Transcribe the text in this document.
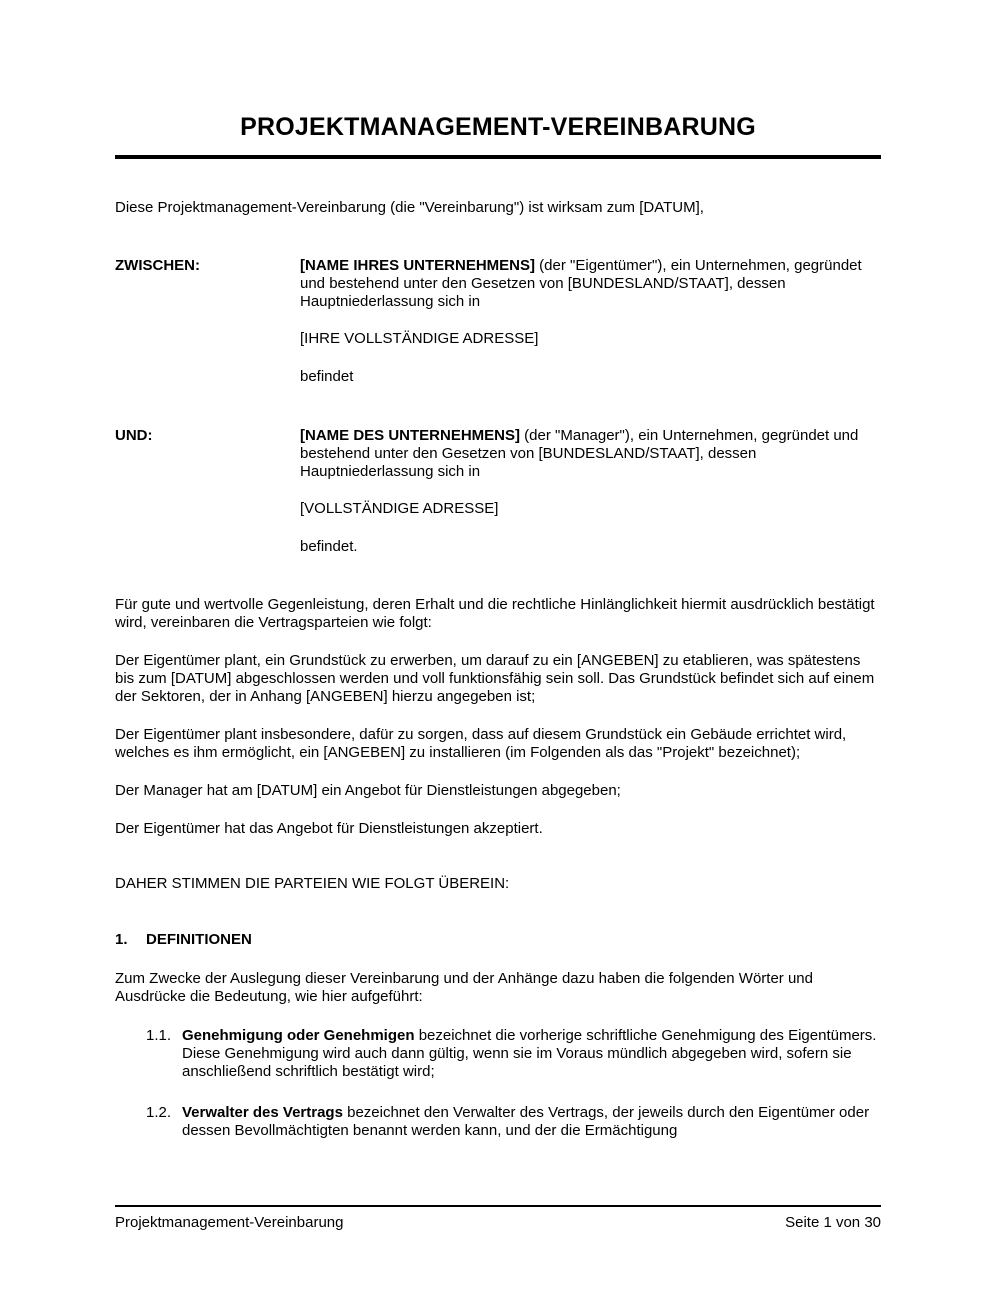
PROJEKTMANAGEMENT-VEREINBARUNG

Diese Projektmanagement-Vereinbarung (die "Vereinbarung") ist wirksam zum [DATUM],

ZWISCHEN:	[NAME IHRES UNTERNEHMENS] (der "Eigentümer"), ein Unternehmen, gegründet und bestehend unter den Gesetzen von [BUNDESLAND/STAAT], dessen Hauptniederlassung sich in

[IHRE VOLLSTÄNDIGE ADRESSE]

befindet

UND:	[NAME DES UNTERNEHMENS] (der "Manager"), ein Unternehmen, gegründet und bestehend unter den Gesetzen von [BUNDESLAND/STAAT], dessen Hauptniederlassung sich in

[VOLLSTÄNDIGE ADRESSE]

befindet.

Für gute und wertvolle Gegenleistung, deren Erhalt und die rechtliche Hinlänglichkeit hiermit ausdrücklich bestätigt wird, vereinbaren die Vertragsparteien wie folgt:

Der Eigentümer plant, ein Grundstück zu erwerben, um darauf zu ein [ANGEBEN] zu etablieren, was spätestens bis zum [DATUM] abgeschlossen werden und voll funktionsfähig sein soll. Das Grundstück befindet sich auf einem der Sektoren, der in Anhang [ANGEBEN] hierzu angegeben ist;

Der Eigentümer plant insbesondere, dafür zu sorgen, dass auf diesem Grundstück ein Gebäude errichtet wird, welches es ihm ermöglicht, ein [ANGEBEN] zu installieren (im Folgenden als das "Projekt" bezeichnet);

Der Manager hat am [DATUM] ein Angebot für Dienstleistungen abgegeben;

Der Eigentümer hat das Angebot für Dienstleistungen akzeptiert.

DAHER STIMMEN DIE PARTEIEN WIE FOLGT ÜBEREIN:

1.	DEFINITIONEN

Zum Zwecke der Auslegung dieser Vereinbarung und der Anhänge dazu haben die folgenden Wörter und Ausdrücke die Bedeutung, wie hier aufgeführt:

1.1. Genehmigung oder Genehmigen bezeichnet die vorherige schriftliche Genehmigung des Eigentümers. Diese Genehmigung wird auch dann gültig, wenn sie im Voraus mündlich abgegeben wird, sofern sie anschließend schriftlich bestätigt wird;

1.2. Verwalter des Vertrags bezeichnet den Verwalter des Vertrags, der jeweils durch den Eigentümer oder dessen Bevollmächtigten benannt werden kann, und der die Ermächtigung

Projektmanagement-Vereinbarung	Seite 1 von 30
